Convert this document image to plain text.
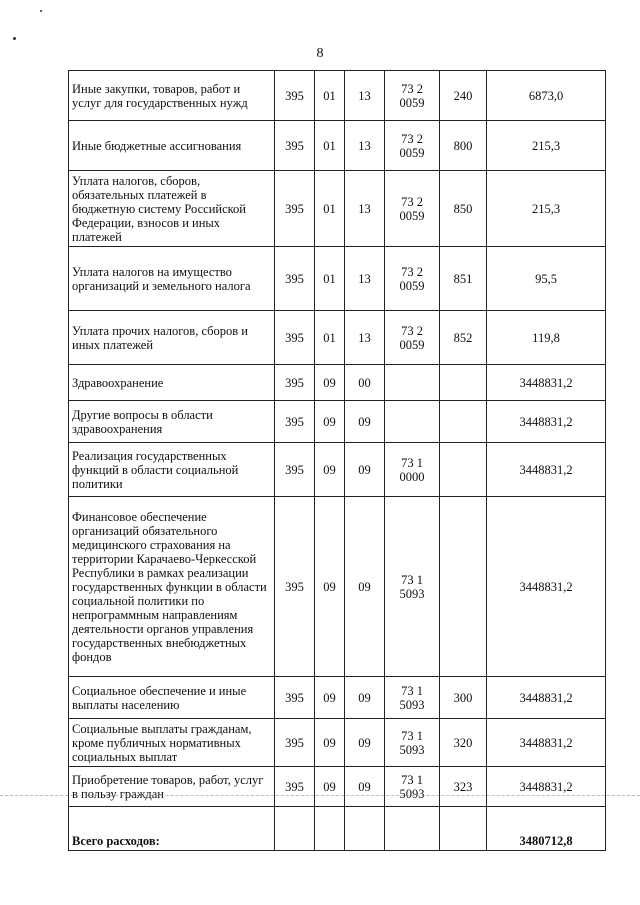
8
Иные закупки, товаров, работ и услуг для государственных нужд	395	01	13	73 2 0059	240	6873,0
Иные бюджетные ассигнования	395	01	13	73 2 0059	800	215,3
Уплата налогов, сборов, обязательных платежей в бюджетную систему Российской Федерации, взносов и иных платежей	395	01	13	73 2 0059	850	215,3
Уплата налогов на имущество организаций и земельного налога	395	01	13	73 2 0059	851	95,5
Уплата прочих налогов, сборов и иных платежей	395	01	13	73 2 0059	852	119,8
Здравоохранение	395	09	00			3448831,2
Другие вопросы в области здравоохранения	395	09	09			3448831,2
Реализация государственных функций в области социальной политики	395	09	09	73 1 0000		3448831,2
Финансовое обеспечение организаций обязательного медицинского страхования на территории Карачаево-Черкесской Республики в рамках реализации государственных функции в области социальной политики по непрограммным направлениям деятельности органов управления государственных внебюджетных фондов	395	09	09	73 1 5093		3448831,2
Социальное обеспечение и иные выплаты населению	395	09	09	73 1 5093	300	3448831,2
Социальные выплаты гражданам, кроме публичных нормативных социальных выплат	395	09	09	73 1 5093	320	3448831,2
Приобретение товаров, работ, услуг в пользу граждан	395	09	09	73 1 5093	323	3448831,2
Всего расходов:						3480712,8
